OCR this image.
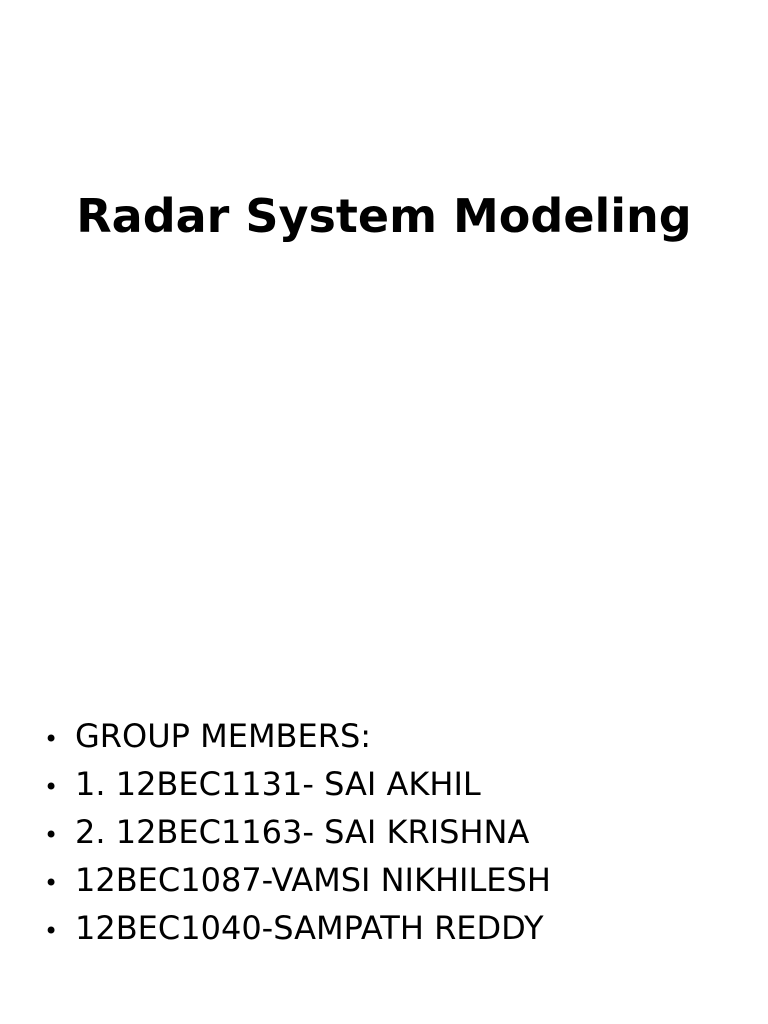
Radar System Modeling
• GROUP MEMBERS:
• 1. 12BEC1131- SAI AKHIL
• 2. 12BEC1163- SAI KRISHNA
• 12BEC1087-VAMSI NIKHILESH
• 12BEC1040-SAMPATH REDDY
